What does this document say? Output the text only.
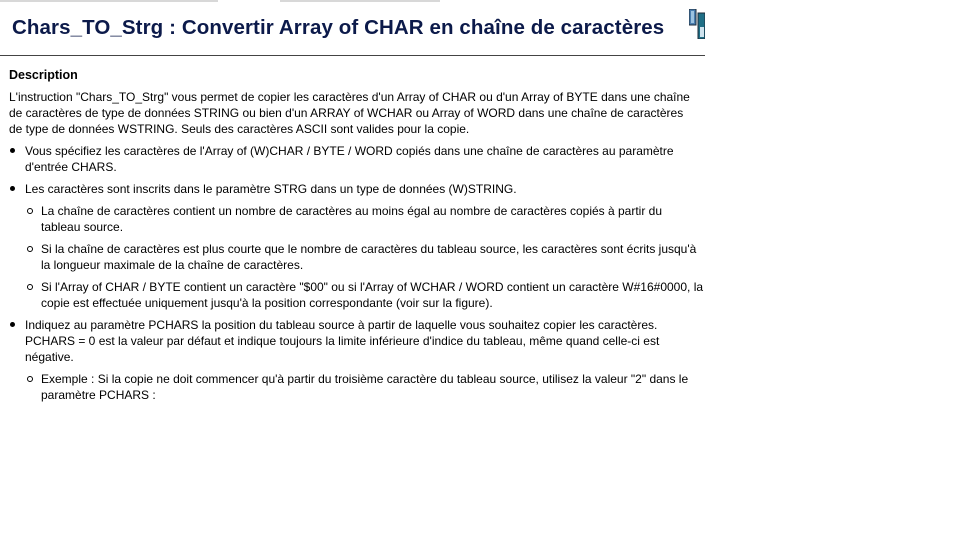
Chars_TO_Strg : Convertir Array of CHAR en chaîne de caractères
Description
L'instruction "Chars_TO_Strg" vous permet de copier les caractères d'un Array of CHAR ou d'un Array of BYTE dans une chaîne
de caractères de type de données STRING ou bien d'un ARRAY of WCHAR ou Array of WORD dans une chaîne de caractères
de type de données WSTRING. Seuls des caractères ASCII sont valides pour la copie.
Vous spécifiez les caractères de l'Array of (W)CHAR / BYTE / WORD copiés dans une chaîne de caractères au paramètre
d'entrée CHARS.
Les caractères sont inscrits dans le paramètre STRG dans un type de données (W)STRING.
La chaîne de caractères contient un nombre de caractères au moins égal au nombre de caractères copiés à partir du
tableau source.
Si la chaîne de caractères est plus courte que le nombre de caractères du tableau source, les caractères sont écrits jusqu'à
la longueur maximale de la chaîne de caractères.
Si l'Array of CHAR / BYTE contient un caractère "$00" ou si l'Array of WCHAR / WORD contient un caractère W#16#0000, la
copie est effectuée uniquement jusqu'à la position correspondante (voir sur la figure).
Indiquez au paramètre PCHARS la position du tableau source à partir de laquelle vous souhaitez copier les caractères.
PCHARS = 0 est la valeur par défaut et indique toujours la limite inférieure d'indice du tableau, même quand celle-ci est
négative.
Exemple : Si la copie ne doit commencer qu'à partir du troisième caractère du tableau source, utilisez la valeur "2" dans le
paramètre PCHARS :
